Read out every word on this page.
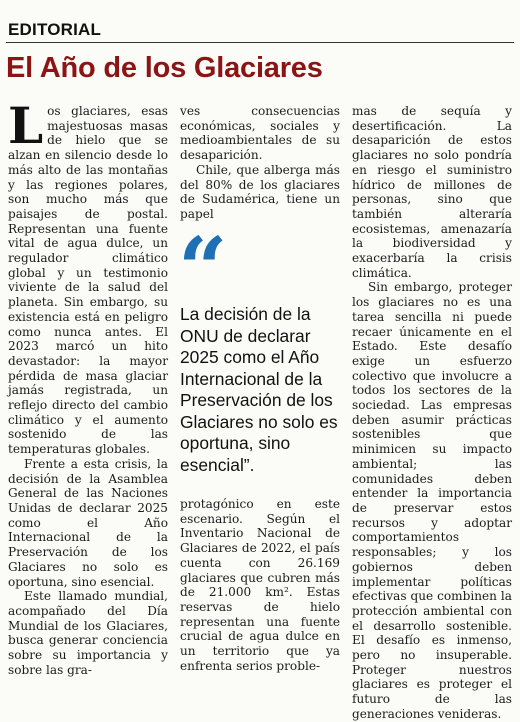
EDITORIAL
El Año de los Glaciares

Los glaciares, esas majestuosas masas de hielo que se alzan en silencio desde lo más alto de las montañas y las regiones polares, son mucho más que paisajes de postal. Representan una fuente vital de agua dulce, un regulador climático global y un testimonio viviente de la salud del planeta. Sin embargo, su existencia está en peligro como nunca antes. El 2023 marcó un hito devastador: la mayor pérdida de masa glaciar jamás registrada, un reflejo directo del cambio climático y el aumento sostenido de las temperaturas globales.

Frente a esta crisis, la decisión de la Asamblea General de las Naciones Unidas de declarar 2025 como el Año Internacional de la Preservación de los Glaciares no solo es oportuna, sino esencial.

Este llamado mundial, acompañado del Día Mundial de los Glaciares, busca generar conciencia sobre su importancia y sobre las gra-

ves consecuencias económicas, sociales y medioambientales de su desaparición.

Chile, que alberga más del 80% de los glaciares de Sudamérica, tiene un papel

“
La decisión de la ONU de declarar 2025 como el Año Internacional de la Preservación de los Glaciares no solo es oportuna, sino esencial”.

protagónico en este escenario. Según el Inventario Nacional de Glaciares de 2022, el país cuenta con 26.169 glaciares que cubren más de 21.000 km². Estas reservas de hielo representan una fuente crucial de agua dulce en un territorio que ya enfrenta serios proble-

mas de sequía y desertificación. La desaparición de estos glaciares no solo pondría en riesgo el suministro hídrico de millones de personas, sino que también alteraría ecosistemas, amenazaría la biodiversidad y exacerbaría la crisis climática.

Sin embargo, proteger los glaciares no es una tarea sencilla ni puede recaer únicamente en el Estado. Este desafío exige un esfuerzo colectivo que involucre a todos los sectores de la sociedad. Las empresas deben asumir prácticas sostenibles que minimicen su impacto ambiental; las comunidades deben entender la importancia de preservar estos recursos y adoptar comportamientos responsables; y los gobiernos deben implementar políticas efectivas que combinen la protección ambiental con el desarrollo sostenible. El desafío es inmenso, pero no insuperable. Proteger nuestros glaciares es proteger el futuro de las generaciones venideras.
